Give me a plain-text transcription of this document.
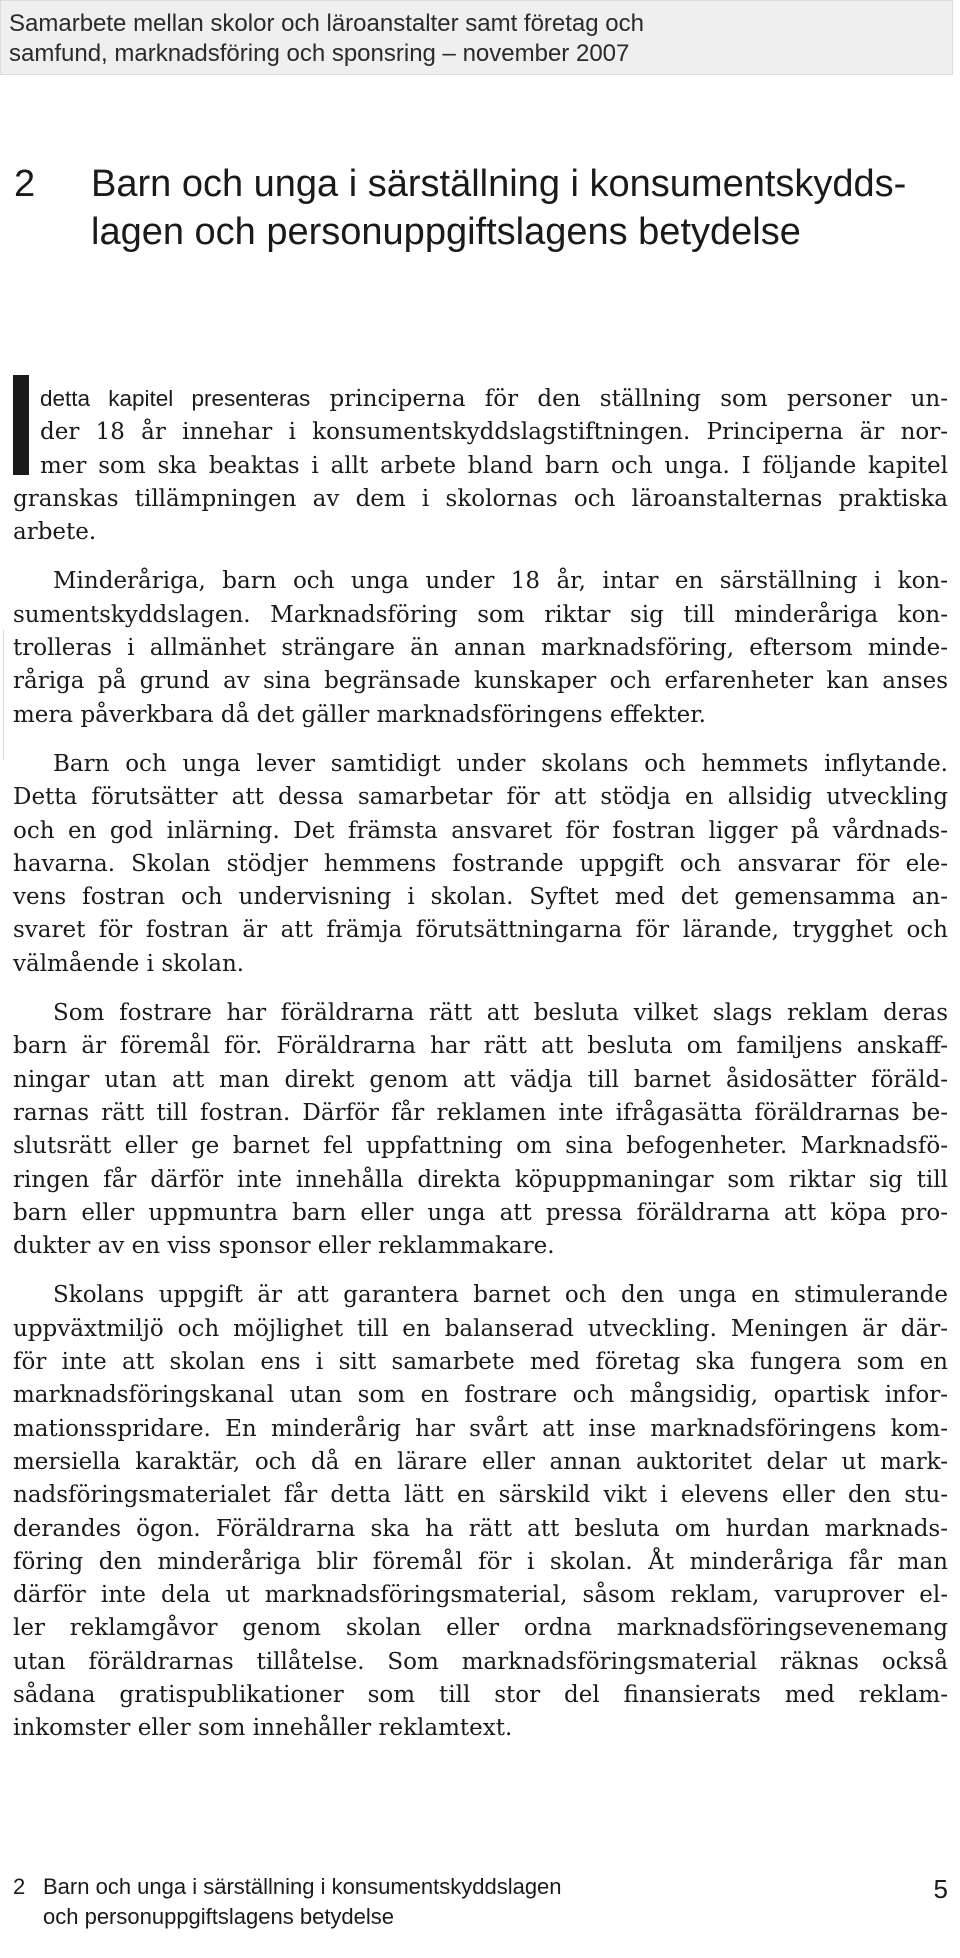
Samarbete mellan skolor och läroanstalter samt företag och
samfund, marknadsföring och sponsring – november 2007
2 Barn och unga i särställning i konsumentskydds-
lagen och personuppgiftslagens betydelse
detta kapitel presenteras principerna för den ställning som personer un-
der 18 år innehar i konsumentskyddslagstiftningen. Principerna är nor-
mer som ska beaktas i allt arbete bland barn och unga. I följande kapitel
granskas tillämpningen av dem i skolornas och läroanstalternas praktiska
arbete.
Minderåriga, barn och unga under 18 år, intar en särställning i kon-
sumentskyddslagen. Marknadsföring som riktar sig till minderåriga kon-
trolleras i allmänhet strängare än annan marknadsföring, eftersom minde-
råriga på grund av sina begränsade kunskaper och erfarenheter kan anses
mera påverkbara då det gäller marknadsföringens effekter.
Barn och unga lever samtidigt under skolans och hemmets inflytande.
Detta förutsätter att dessa samarbetar för att stödja en allsidig utveckling
och en god inlärning. Det främsta ansvaret för fostran ligger på vårdnads-
havarna. Skolan stödjer hemmens fostrande uppgift och ansvarar för ele-
vens fostran och undervisning i skolan. Syftet med det gemensamma an-
svaret för fostran är att främja förutsättningarna för lärande, trygghet och
välmående i skolan.
Som fostrare har föräldrarna rätt att besluta vilket slags reklam deras
barn är föremål för. Föräldrarna har rätt att besluta om familjens anskaff-
ningar utan att man direkt genom att vädja till barnet åsidosätter föräld-
rarnas rätt till fostran. Därför får reklamen inte ifrågasätta föräldrarnas be-
slutsrätt eller ge barnet fel uppfattning om sina befogenheter. Marknadsfö-
ringen får därför inte innehålla direkta köpuppmaningar som riktar sig till
barn eller uppmuntra barn eller unga att pressa föräldrarna att köpa pro-
dukter av en viss sponsor eller reklammakare.
Skolans uppgift är att garantera barnet och den unga en stimulerande
uppväxtmiljö och möjlighet till en balanserad utveckling. Meningen är där-
för inte att skolan ens i sitt samarbete med företag ska fungera som en
marknadsföringskanal utan som en fostrare och mångsidig, opartisk infor-
mationsspridare. En minderårig har svårt att inse marknadsföringens kom-
mersiella karaktär, och då en lärare eller annan auktoritet delar ut mark-
nadsföringsmaterialet får detta lätt en särskild vikt i elevens eller den stu-
derandes ögon. Föräldrarna ska ha rätt att besluta om hurdan marknads-
föring den minderåriga blir föremål för i skolan. Åt minderåriga får man
därför inte dela ut marknadsföringsmaterial, såsom reklam, varuprover el-
ler reklamgåvor genom skolan eller ordna marknadsföringsevenemang
utan föräldrarnas tillåtelse. Som marknadsföringsmaterial räknas också
sådana gratispublikationer som till stor del finansierats med reklam-
inkomster eller som innehåller reklamtext.
2 Barn och unga i särställning i konsumentskyddslagen
och personuppgiftslagens betydelse
5
